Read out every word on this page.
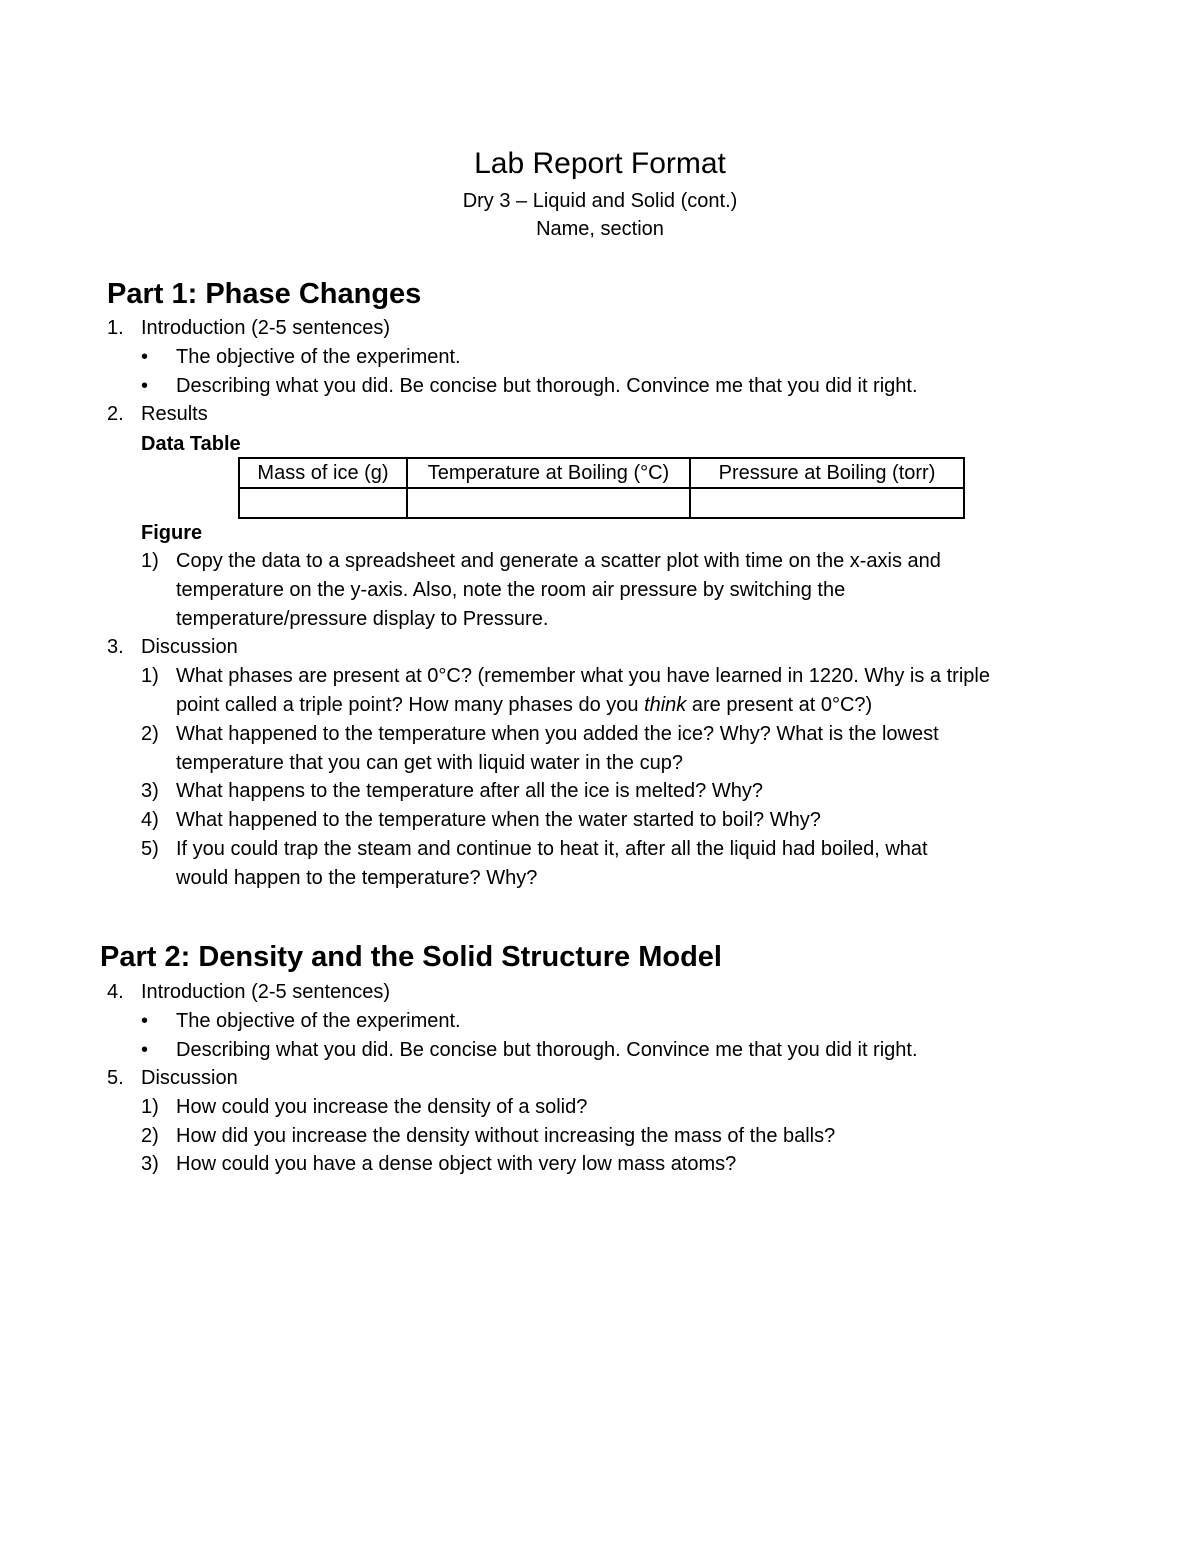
Lab Report Format
Dry 3 – Liquid and Solid (cont.)
Name, section
Part 1: Phase Changes
1. Introduction (2-5 sentences)
• The objective of the experiment.
• Describing what you did. Be concise but thorough. Convince me that you did it right.
2. Results
Data Table
Mass of ice (g)	Temperature at Boiling (°C)	Pressure at Boiling (torr)

Figure
1) Copy the data to a spreadsheet and generate a scatter plot with time on the x-axis and
temperature on the y-axis. Also, note the room air pressure by switching the
temperature/pressure display to Pressure.
3. Discussion
1) What phases are present at 0°C? (remember what you have learned in 1220. Why is a triple
point called a triple point? How many phases do you think are present at 0°C?)
2) What happened to the temperature when you added the ice? Why? What is the lowest
temperature that you can get with liquid water in the cup?
3) What happens to the temperature after all the ice is melted? Why?
4) What happened to the temperature when the water started to boil? Why?
5) If you could trap the steam and continue to heat it, after all the liquid had boiled, what
would happen to the temperature? Why?
Part 2: Density and the Solid Structure Model
4. Introduction (2-5 sentences)
• The objective of the experiment.
• Describing what you did. Be concise but thorough. Convince me that you did it right.
5. Discussion
1) How could you increase the density of a solid?
2) How did you increase the density without increasing the mass of the balls?
3) How could you have a dense object with very low mass atoms?
